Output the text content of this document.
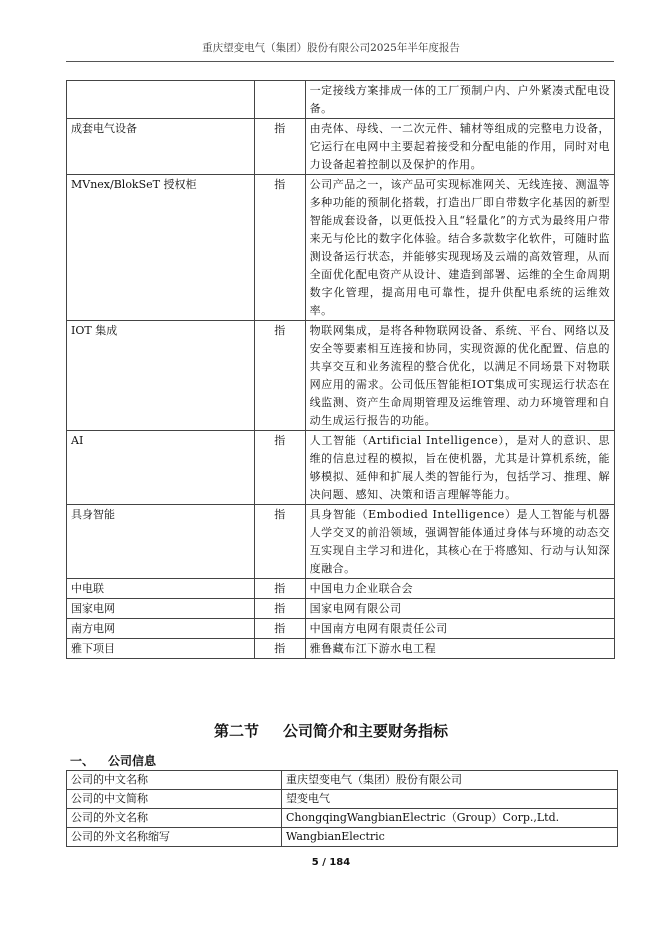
重庆望变电气（集团）股份有限公司2025年半年度报告
		一定接线方案排成一体的工厂预制户内、户外紧凑式配电设备。
成套电气设备	指	由壳体、母线、一二次元件、辅材等组成的完整电力设备，它运行在电网中主要起着接受和分配电能的作用，同时对电力设备起着控制以及保护的作用。
MVnex/BlokSeT 授权柜	指	公司产品之一，该产品可实现标准网关、无线连接、测温等多种功能的预制化搭载，打造出厂即自带数字化基因的新型智能成套设备，以更低投入且“轻量化”的方式为最终用户带来无与伦比的数字化体验。结合多款数字化软件，可随时监测设备运行状态，并能够实现现场及云端的高效管理，从而全面优化配电资产从设计、建造到部署、运维的全生命周期数字化管理，提高用电可靠性，提升供配电系统的运维效率。
IOT 集成	指	物联网集成，是将各种物联网设备、系统、平台、网络以及安全等要素相互连接和协同，实现资源的优化配置、信息的共享交互和业务流程的整合优化，以满足不同场景下对物联网应用的需求。公司低压智能柜IOT集成可实现运行状态在线监测、资产生命周期管理及运维管理、动力环境管理和自动生成运行报告的功能。
AI	指	人工智能（Artificial Intelligence），是对人的意识、思维的信息过程的模拟，旨在使机器，尤其是计算机系统，能够模拟、延伸和扩展人类的智能行为，包括学习、推理、解决问题、感知、决策和语言理解等能力。
具身智能	指	具身智能（Embodied Intelligence）是人工智能与机器人学交叉的前沿领域，强调智能体通过身体与环境的动态交互实现自主学习和进化，其核心在于将感知、行动与认知深度融合。
中电联	指	中国电力企业联合会
国家电网	指	国家电网有限公司
南方电网	指	中国南方电网有限责任公司
雅下项目	指	雅鲁藏布江下游水电工程
第二节 公司简介和主要财务指标
一、 公司信息
公司的中文名称	重庆望变电气（集团）股份有限公司
公司的中文简称	望变电气
公司的外文名称	ChongqingWangbianElectric（Group）Corp.,Ltd.
公司的外文名称缩写	WangbianElectric
5 / 184
